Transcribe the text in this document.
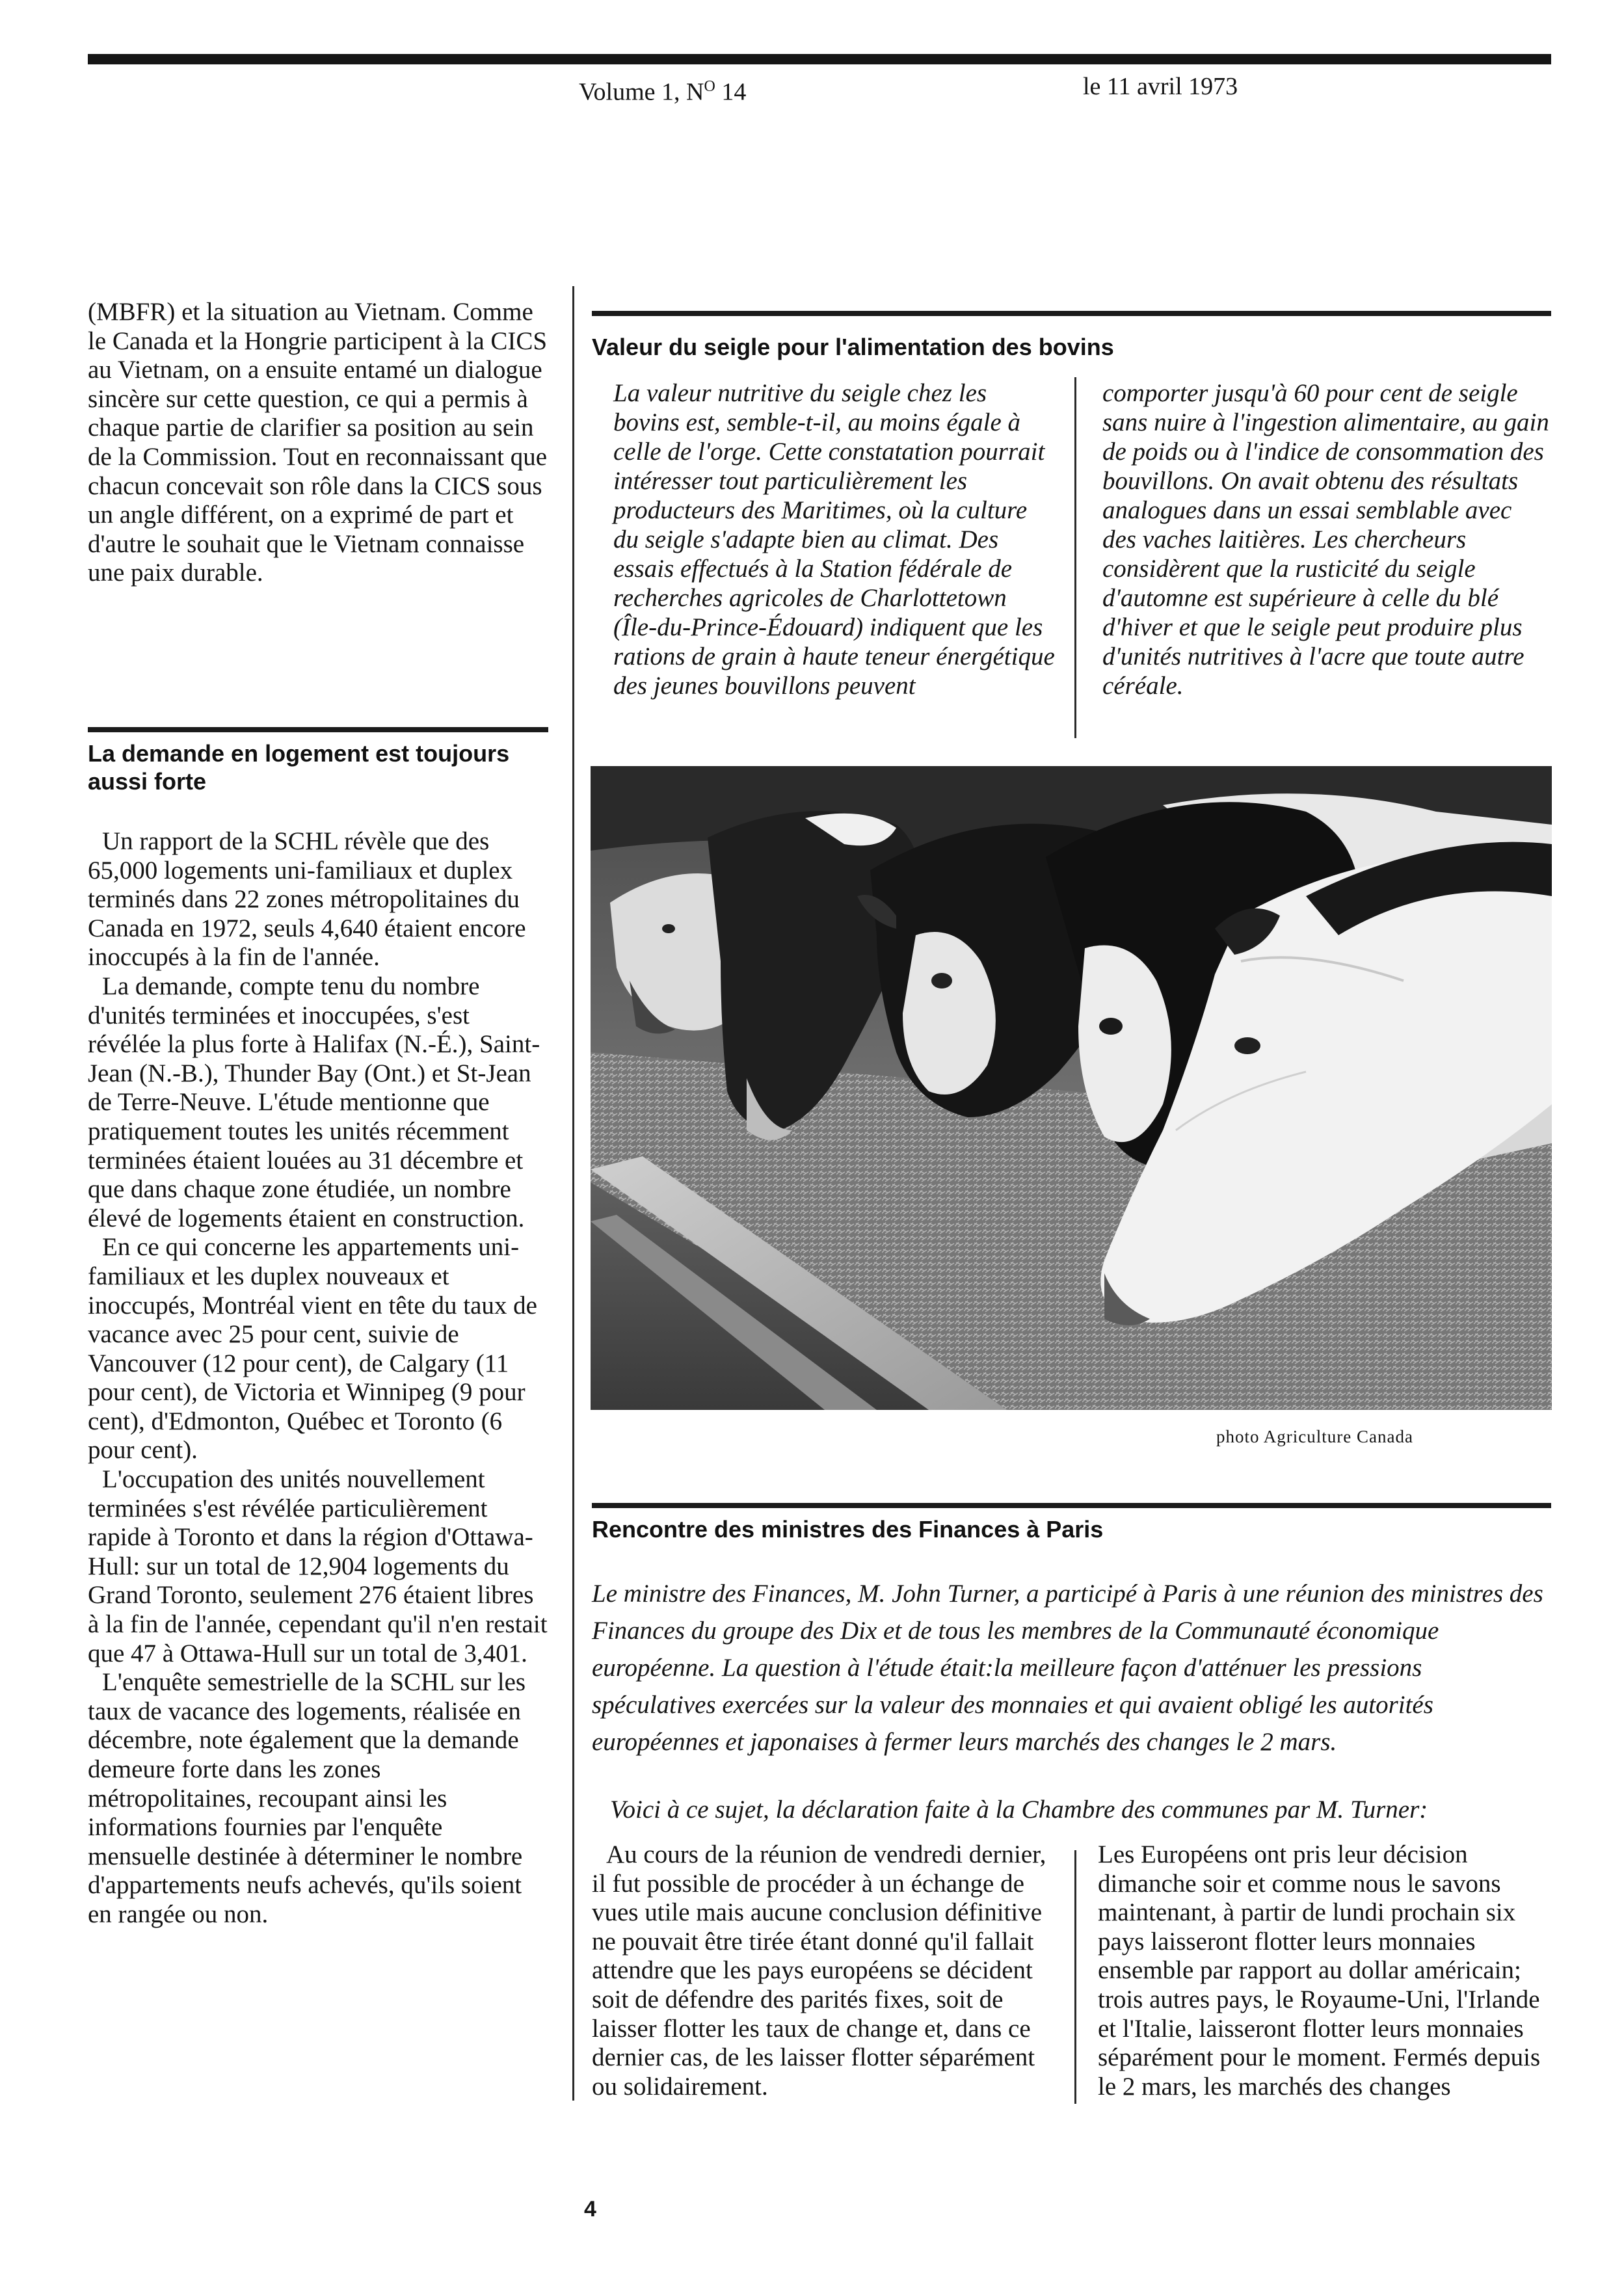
Volume 1, $N^O$ 14	le 11 avril 1973

(MBFR) et la situation au Vietnam. Comme le Canada et la Hongrie participent à la CICS au Vietnam, on a ensuite entamé un dialogue sincère sur cette question, ce qui a permis à chaque partie de clarifier sa position au sein de la Commission. Tout en reconnaissant que chacun concevait son rôle dans la CICS sous un angle différent, on a exprimé de part et d'autre le souhait que le Vietnam connaisse une paix durable.

La demande en logement est toujours aussi forte

Un rapport de la SCHL révèle que des 65,000 logements uni-familiaux et duplex terminés dans 22 zones métropolitaines du Canada en 1972, seuls 4,640 étaient encore inoccupés à la fin de l'année.

La demande, compte tenu du nombre d'unités terminées et inoccupées, s'est révélée la plus forte à Halifax (N.-É.), Saint-Jean (N.-B.), Thunder Bay (Ont.) et St-Jean de Terre-Neuve. L'étude mentionne que pratiquement toutes les unités récemment terminées étaient louées au 31 décembre et que dans chaque zone étudiée, un nombre élevé de logements étaient en construction.

En ce qui concerne les appartements uni-familiaux et les duplex nouveaux et inoccupés, Montréal vient en tête du taux de vacance avec 25 pour cent, suivie de Vancouver (12 pour cent), de Calgary (11 pour cent), de Victoria et Winnipeg (9 pour cent), d'Edmonton, Québec et Toronto (6 pour cent).

L'occupation des unités nouvellement terminées s'est révélée particulièrement rapide à Toronto et dans la région d'Ottawa-Hull: sur un total de 12,904 logements du Grand Toronto, seulement 276 étaient libres à la fin de l'année, cependant qu'il n'en restait que 47 à Ottawa-Hull sur un total de 3,401.

L'enquête semestrielle de la SCHL sur les taux de vacance des logements, réalisée en décembre, note également que la demande demeure forte dans les zones métropolitaines, recoupant ainsi les informations fournies par l'enquête mensuelle destinée à déterminer le nombre d'appartements neufs achevés, qu'ils soient en rangée ou non.

Valeur du seigle pour l'alimentation des bovins

La valeur nutritive du seigle chez les bovins est, semble-t-il, au moins égale à celle de l'orge. Cette constatation pourrait intéresser tout particulièrement les producteurs des Maritimes, où la culture du seigle s'adapte bien au climat. Des essais effectués à la Station fédérale de recherches agricoles de Charlottetown (Île-du-Prince-Édouard) indiquent que les rations de grain à haute teneur énergétique des jeunes bouvillons peuvent

comporter jusqu'à 60 pour cent de seigle sans nuire à l'ingestion alimentaire, au gain de poids ou à l'indice de consommation des bouvillons. On avait obtenu des résultats analogues dans un essai semblable avec des vaches laitières. Les chercheurs considèrent que la rusticité du seigle d'automne est supérieure à celle du blé d'hiver et que le seigle peut produire plus d'unités nutritives à l'acre que toute autre céréale.

photo Agriculture Canada
Rencontre des ministres des Finances à Paris

Le ministre des Finances, M. John Turner, a participé à Paris à une réunion des ministres des Finances du groupe des Dix et de tous les membres de la Communauté économique européenne. La question à l'étude était:la meilleure façon d'atténuer les pressions spéculatives exercées sur la valeur des monnaies et qui avaient obligé les autorités européennes et japonaises à fermer leurs marchés des changes le 2 mars.

Voici à ce sujet, la déclaration faite à la Chambre des communes par M. Turner:

Au cours de la réunion de vendredi dernier, il fut possible de procéder à un échange de vues utile mais aucune conclusion définitive ne pouvait être tirée étant donné qu'il fallait attendre que les pays européens se décident soit de défendre des parités fixes, soit de laisser flotter les taux de change et, dans ce dernier cas, de les laisser flotter séparément ou solidairement.

Les Européens ont pris leur décision dimanche soir et comme nous le savons maintenant, à partir de lundi prochain six pays laisseront flotter leurs monnaies ensemble par rapport au dollar américain; trois autres pays, le Royaume-Uni, l'Irlande et l'Italie, laisseront flotter leurs monnaies séparément pour le moment. Fermés depuis le 2 mars, les marchés des changes

4
